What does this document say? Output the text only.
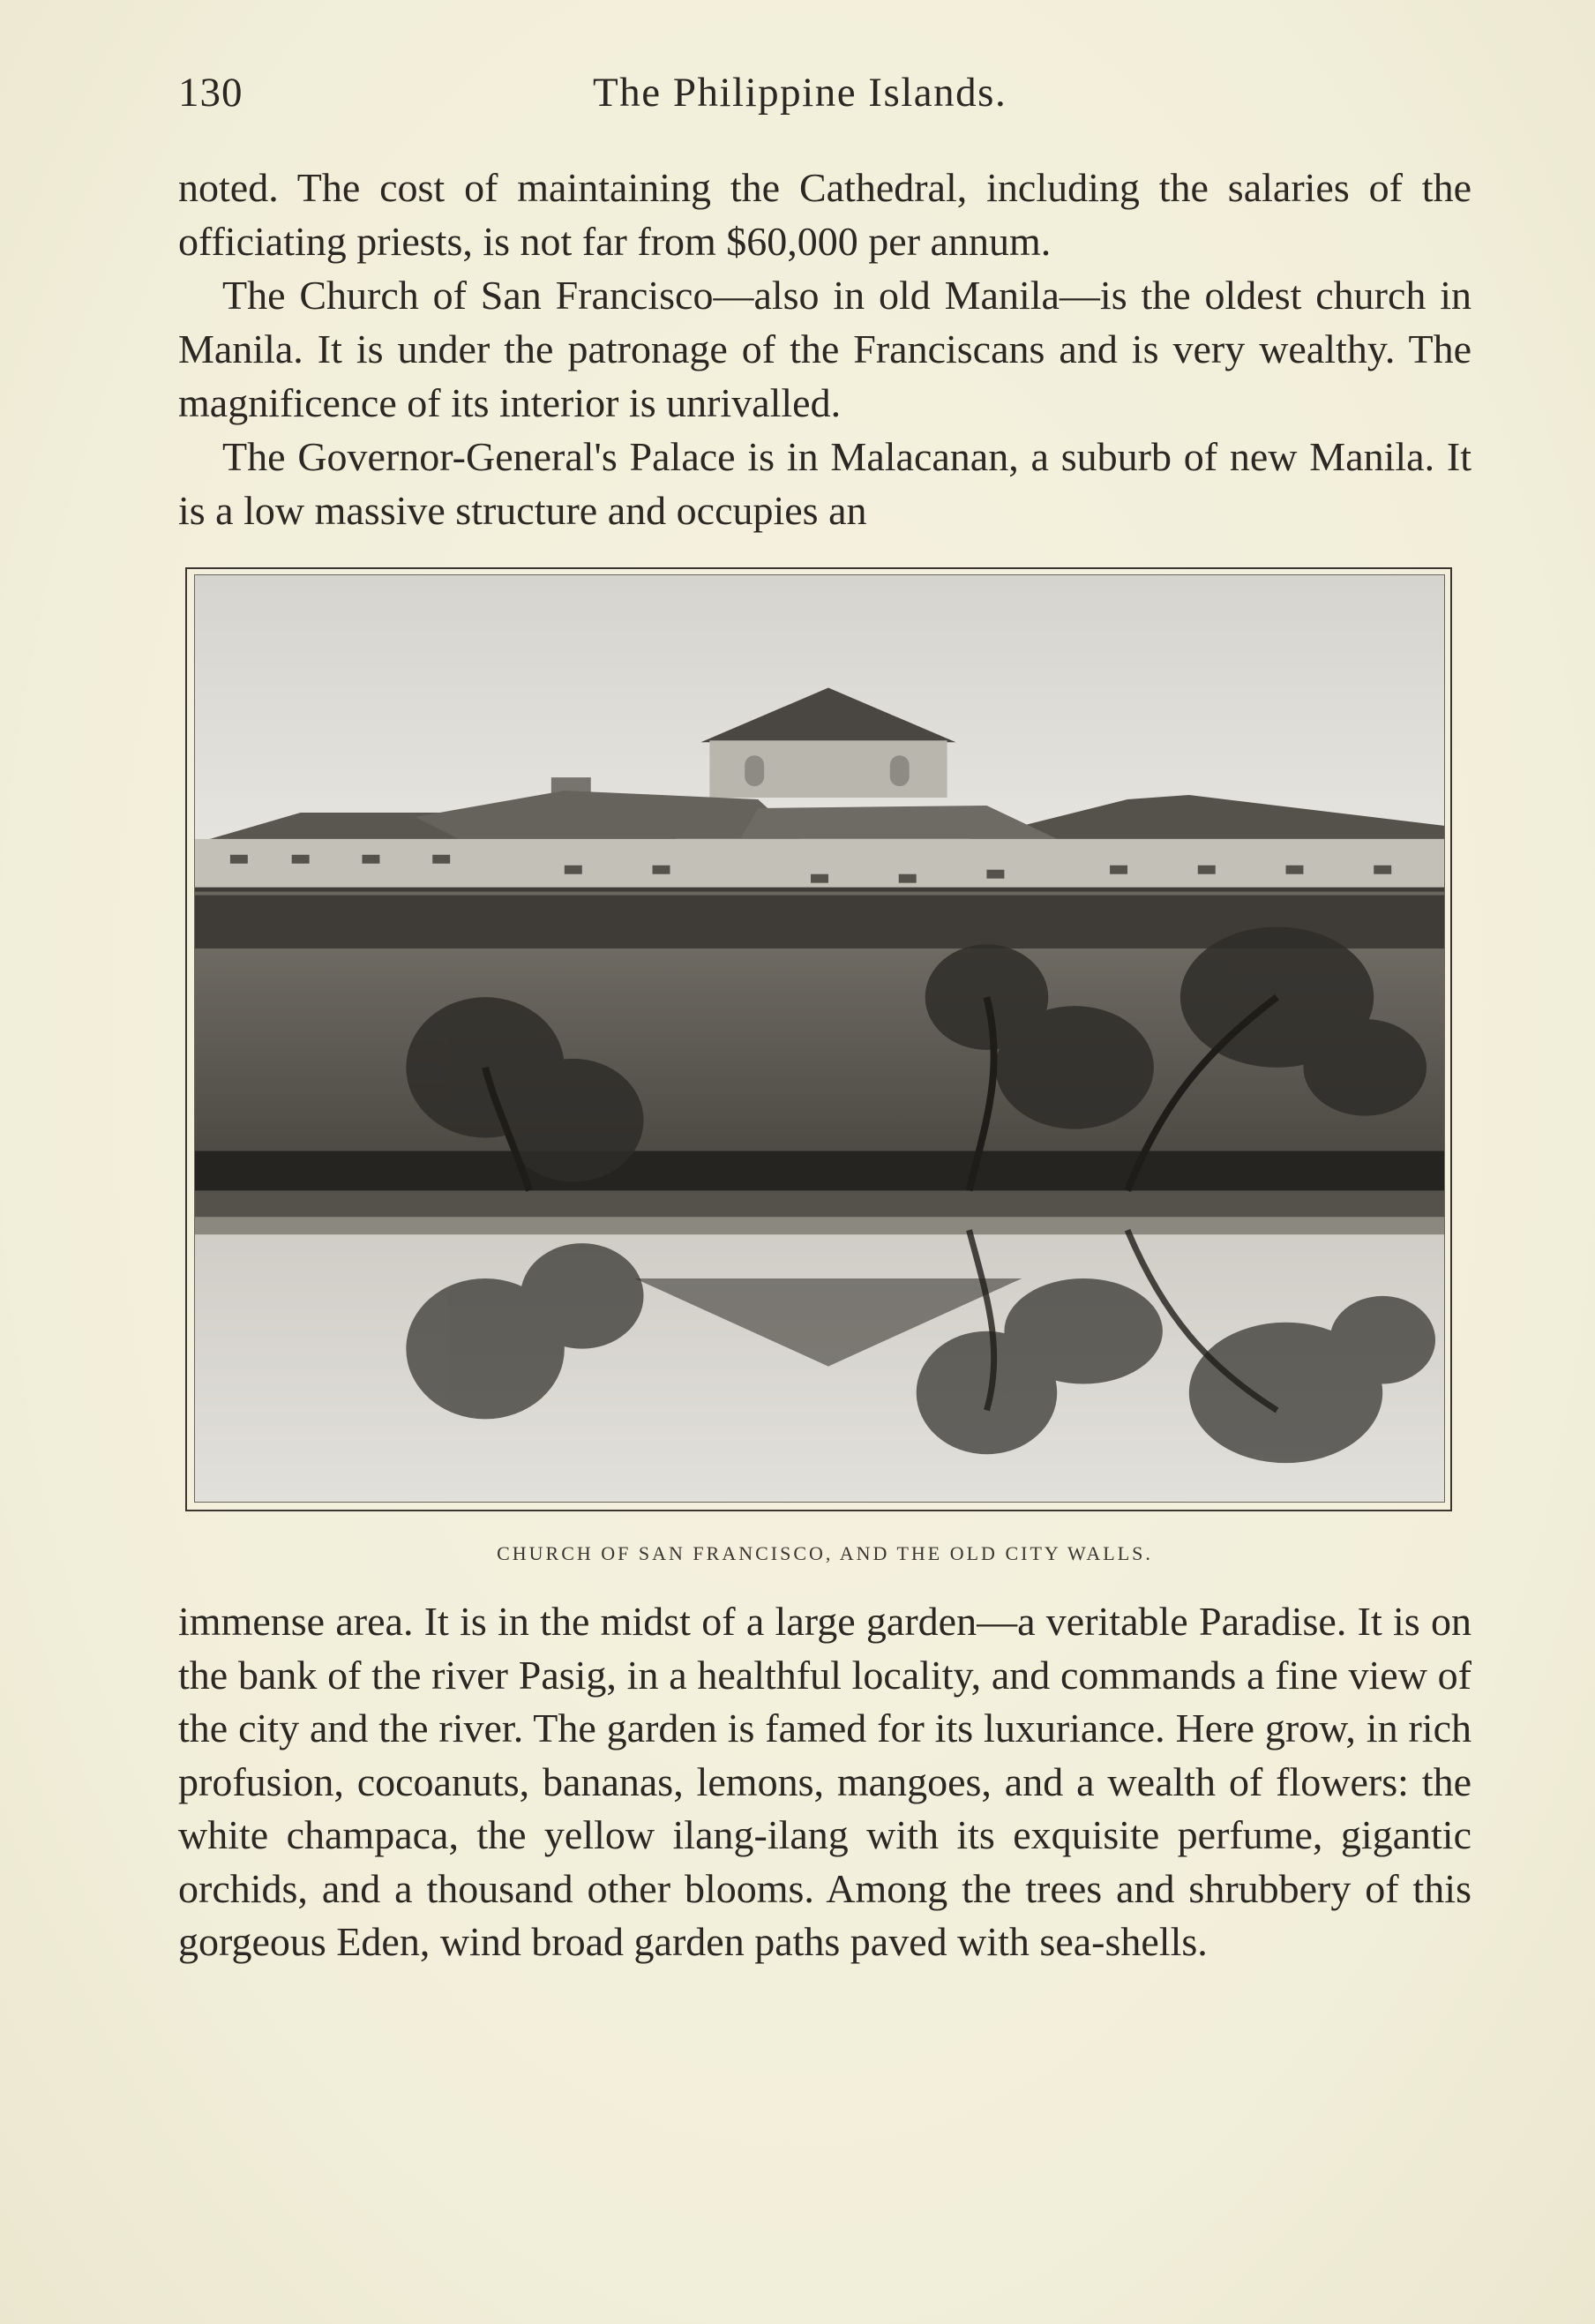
130	The Philippine Islands.

noted. The cost of maintaining the Cathedral, including the salaries of the officiating priests, is not far from $60,000 per annum.

The Church of San Francisco—also in old Manila—is the oldest church in Manila. It is under the patronage of the Franciscans and is very wealthy. The magnificence of its interior is unrivalled.

The Governor-General's Palace is in Malacanan, a suburb of new Manila. It is a low massive structure and occupies an

CHURCH OF SAN FRANCISCO, AND THE OLD CITY WALLS.

immense area. It is in the midst of a large garden—a veritable Paradise. It is on the bank of the river Pasig, in a healthful locality, and commands a fine view of the city and the river. The garden is famed for its luxuriance. Here grow, in rich profusion, cocoanuts, bananas, lemons, mangoes, and a wealth of flowers: the white champaca, the yellow ilang-ilang with its exquisite perfume, gigantic orchids, and a thousand other blooms. Among the trees and shrubbery of this gorgeous Eden, wind broad garden paths paved with sea-shells.
